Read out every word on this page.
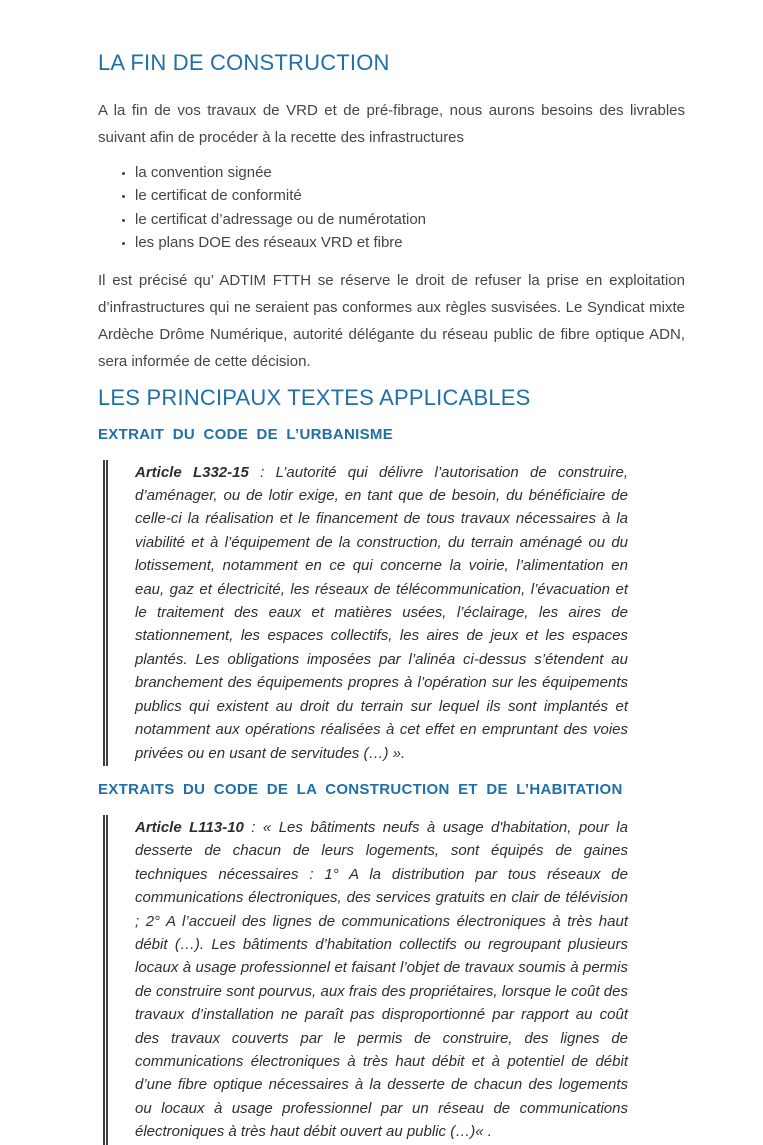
LA FIN DE CONSTRUCTION

A la fin de vos travaux de VRD et de pré-fibrage, nous aurons besoins des livrables suivant afin de procéder à la recette des infrastructures

• la convention signée
• le certificat de conformité
• le certificat d’adressage ou de numérotation
• les plans DOE des réseaux VRD et fibre

Il est précisé qu’ ADTIM FTTH se réserve le droit de refuser la prise en exploitation d’infrastructures qui ne seraient pas conformes aux règles susvisées. Le Syndicat mixte Ardèche Drôme Numérique, autorité délégante du réseau public de fibre optique ADN, sera informée de cette décision.

LES PRINCIPAUX TEXTES APPLICABLES
EXTRAIT DU CODE DE L’URBANISME
Article L332-15 : L’autorité qui délivre l’autorisation de construire, d’aménager, ou de lotir exige, en tant que de besoin, du bénéficiaire de celle-ci la réalisation et le financement de tous travaux nécessaires à la viabilité et à l’équipement de la construction, du terrain aménagé ou du lotissement, notamment en ce qui concerne la voirie, l’alimentation en eau, gaz et électricité, les réseaux de télécommunication, l’évacuation et le traitement des eaux et matières usées, l’éclairage, les aires de stationnement, les espaces collectifs, les aires de jeux et les espaces plantés. Les obligations imposées par l’alinéa ci-dessus s’étendent au branchement des équipements propres à l’opération sur les équipements publics qui existent au droit du terrain sur lequel ils sont implantés et notamment aux opérations réalisées à cet effet en empruntant des voies privées ou en usant de servitudes (…) ».
EXTRAITS DU CODE DE LA CONSTRUCTION ET DE L’HABITATION
Article L113-10 : « Les bâtiments neufs à usage d'habitation, pour la desserte de chacun de leurs logements, sont équipés de gaines techniques nécessaires : 1° A la distribution par tous réseaux de communications électroniques, des services gratuits en clair de télévision ; 2° A l’accueil des lignes de communications électroniques à très haut débit (…). Les bâtiments d’habitation collectifs ou regroupant plusieurs locaux à usage professionnel et faisant l’objet de travaux soumis à permis de construire sont pourvus, aux frais des propriétaires, lorsque le coût des travaux d’installation ne paraît pas disproportionné par rapport au coût des travaux couverts par le permis de construire, des lignes de communications électroniques à très haut débit et à potentiel de débit d’une fibre optique nécessaires à la desserte de chacun des logements ou locaux à usage professionnel par un réseau de communications électroniques à très haut débit ouvert au public (…)« .
